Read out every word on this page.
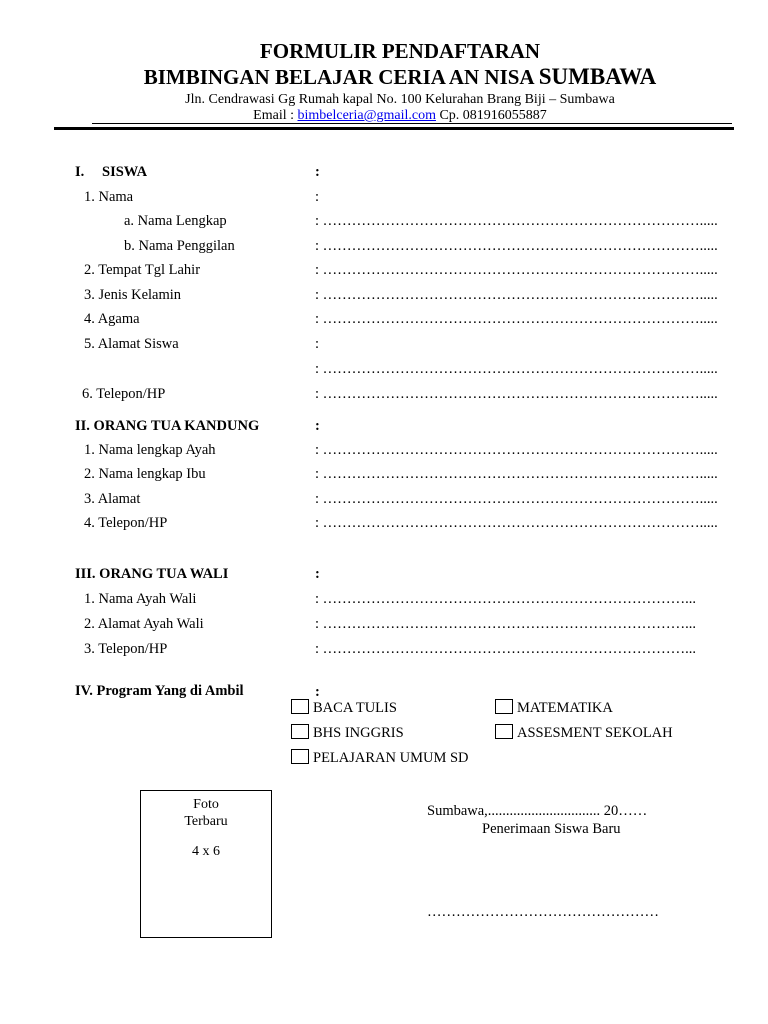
FORMULIR PENDAFTARAN
BIMBINGAN BELAJAR CERIA AN NISA SUMBAWA
Jln. Cendrawasi Gg Rumah kapal No. 100 Kelurahan Brang Biji – Sumbawa
Email : bimbelceria@gmail.com Cp. 081916055887
I. SISWA	:
1. Nama	:
a. Nama Lengkap	: …………………………………………………………………….....
b. Nama Penggilan	: …………………………………………………………………….....
2. Tempat Tgl Lahir	: …………………………………………………………………….....
3. Jenis Kelamin	: …………………………………………………………………….....
4. Agama	: …………………………………………………………………….....
5. Alamat Siswa	:
: …………………………………………………………………….....
6. Telepon/HP	: …………………………………………………………………….....
II. ORANG TUA KANDUNG	:
1. Nama lengkap Ayah	: …………………………………………………………………….....
2. Nama lengkap Ibu	: …………………………………………………………………….....
3. Alamat	: …………………………………………………………………….....
4. Telepon/HP	: …………………………………………………………………….....
III. ORANG TUA WALI	:
1. Nama Ayah Wali	: …………………………………………………………………...
2. Alamat Ayah Wali	: …………………………………………………………………...
3. Telepon/HP	: …………………………………………………………………...
IV. Program Yang di Ambil	:
BACA TULIS	MATEMATIKA
BHS INGGRIS	ASSESMENT SEKOLAH
PELAJARAN UMUM SD
Foto
Terbaru
4 x 6
Sumbawa,............................... 20……
Penerimaan Siswa Baru
…………………………………………
